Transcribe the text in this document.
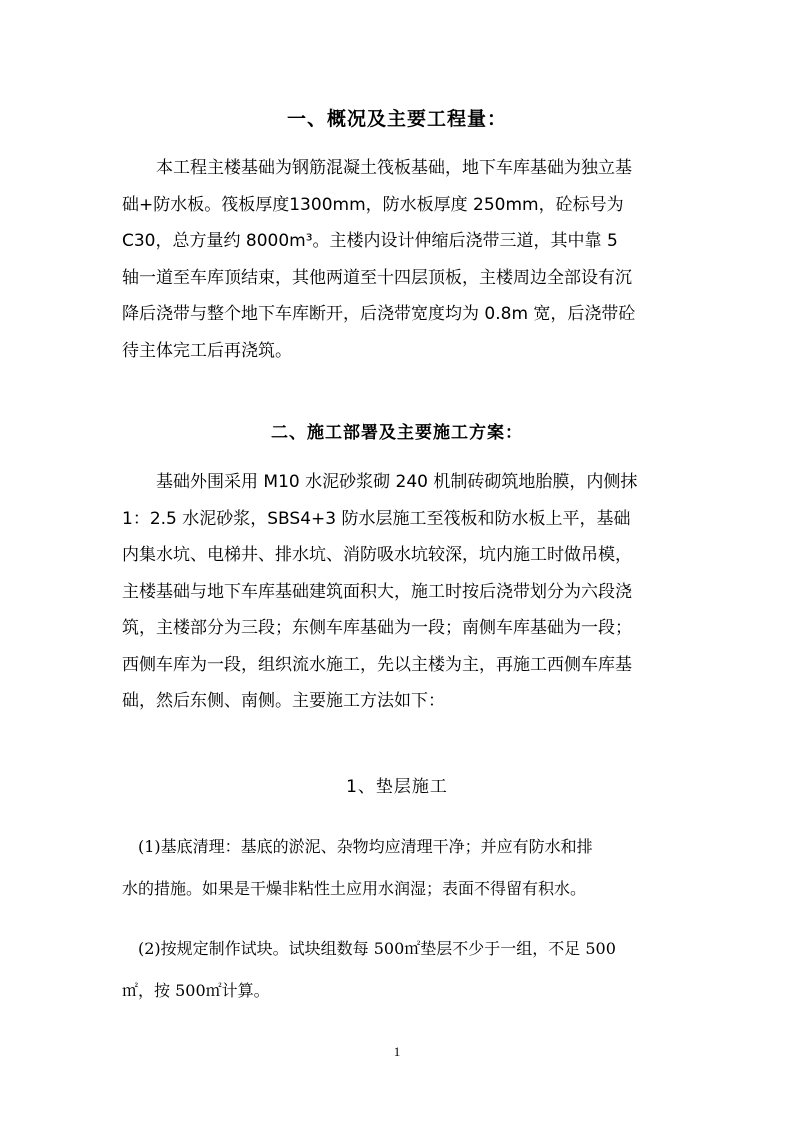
一、概况及主要工程量：
　　本工程主楼基础为钢筋混凝土筏板基础，地下车库基础为独立基
础+防水板。筏板厚度1300mm，防水板厚度 250mm，砼标号为
C30，总方量约 8000m³。主楼内设计伸缩后浇带三道，其中靠 5
轴一道至车库顶结束，其他两道至十四层顶板，主楼周边全部设有沉
降后浇带与整个地下车库断开，后浇带宽度均为 0.8m 宽，后浇带砼
待主体完工后再浇筑。
二、施工部署及主要施工方案：
　　基础外围采用 M10 水泥砂浆砌 240 机制砖砌筑地胎膜，内侧抹
1：2.5 水泥砂浆，SBS4+3 防水层施工至筏板和防水板上平，基础
内集水坑、电梯井、排水坑、消防吸水坑较深，坑内施工时做吊模，
主楼基础与地下车库基础建筑面积大，施工时按后浇带划分为六段浇
筑，主楼部分为三段；东侧车库基础为一段；南侧车库基础为一段；
西侧车库为一段，组织流水施工，先以主楼为主，再施工西侧车库基
础，然后东侧、南侧。主要施工方法如下：
1、垫层施工
　(1)基底清理：基底的淤泥、杂物均应清理干净；并应有防水和排
水的措施。如果是干燥非粘性土应用水润湿；表面不得留有积水。
　(2)按规定制作试块。试块组数每 500㎡垫层不少于一组，不足 500
㎡，按 500㎡计算。
1
